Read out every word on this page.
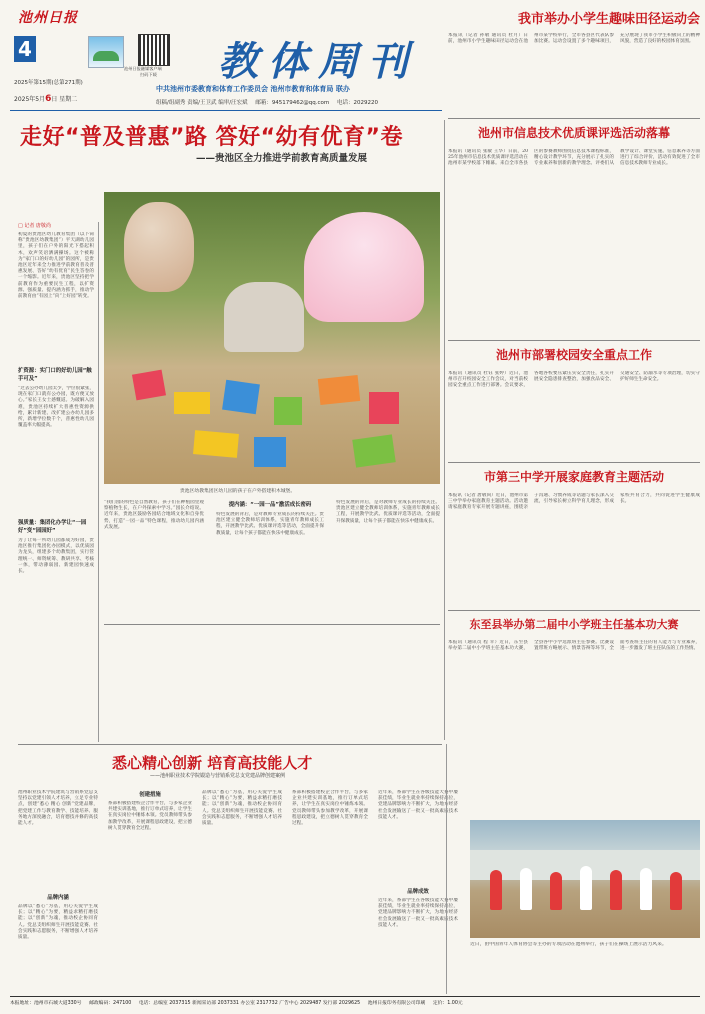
池州日报
4
池州日报融媒客户端
扫码下载 教体周刊
中共池州市委教育和体育工作委员会 池州市教育和体育局 联办
2025年第15期(总第271期)
2025年5月6日 星期二	组稿/组副秀 责编/王卫武 编审/汪宏斌 邮箱：945179462@qq.com 电话：2029220
我市举办小学生趣味田径运动会
本报讯（记者 孙敬 通讯员 杜月）日前，池州市小学生趣味田径运动会在池州市某学校举行，全市各县区代表队参加比赛。运动会设置了多个趣味项目，充分展现了我市小学生积极向上的精神风貌，营造了良好的校园体育氛围。
走好“普及普惠”路 答好“幼有优育”卷
——贵池区全力推进学前教育高质量发展
□ 记者 唐敬尚
初夏的贵池区幼儿教育集团（以下简称“贵池区幼教集团”）平天湖幼儿园里，孩子们在户外的阳光下搭起积木，欢声笑语洒满操场。这个被称为“家门口的好幼儿园”的园所，是贵池区近年来全力推进学前教育普及普惠发展、答好“幼有优育”民生答卷的一个缩影。近年来，贵池区坚持把学前教育作为重要民生工程，以扩资源、强质量、提内涵为抓手，推动学前教育由“有园上”向“上好园”转变。
扩资源：实门口的好幼儿园“触手可及”
“过去公办幼儿园太少，学位很紧张，现在家门口就有公办园，既方便又放心。”家长王女士感慨道。为破解入园难，贵池区持续扩大普惠性资源供给，累计新建、改扩建公办幼儿园多所，新增学位数千个，普惠性幼儿园覆盖率大幅提高。
强质量：集团化办学让“一园好”变“园园好”
为了让每一所幼儿园都成为好园，贵池区推行集团化办园模式，以优质园为龙头，组建多个幼教集团，实行管理统一、师资统筹、教研共享、考核一体，带动薄弱园、新建园快速成长。
贵池区幼教集团区幼儿园的孩子在户外搭建积木城堡。
“我们园的特色是自然教育，孩子们在种植园里观察植物生长，在户外探索中学习。”园长介绍说。近年来，贵池区鼓励各园结合地域文化和自身优势，打造“一园一品”特色课程，推动幼儿园内涵式发展。
提内涵：“一园一品”激活成长密码
特色发展的背后，是对教师专业成长的持续关注。贵池区建立健全教师培训体系，实施青年教师成长工程，开展教学比武、优质课评选等活动，全面提升保教质量，让每个孩子都能在快乐中健康成长。
特色发展的背后，是对教师专业成长的持续关注。贵池区建立健全教师培训体系，实施青年教师成长工程，开展教学比武、优质课评选等活动，全面提升保教质量，让每个孩子都能在快乐中健康成长。
池州市信息技术优质课评选活动落幕
本报讯（通讯员 张敏 王华）日前，2025年池州市信息技术优质课评选活动在池州市某学校落下帷幕。来自全市各县区的参赛教师围绕信息技术课程标准，精心设计教学环节，充分展示了扎实的专业素养和创新的教学理念。评委们从教学设计、课堂实施、信息素养等方面进行了综合评价，活动有效促进了全市信息技术教师专业成长。
池州市部署校园安全重点工作
本报讯（通讯员 杜钰 张婷）近日，池州市召开校园安全工作会议，对当前校园安全重点工作进行部署。会议要求，各地各校要压紧压实安全责任，扎实开展安全隐患排查整治，加强食品安全、交通安全、防溺水等专项治理，切实守护好师生生命安全。
市第三中学开展家庭教育主题活动
本报讯（记者 唐敬尚）近日，池州市第三中学举办家庭教育主题活动。活动邀请家庭教育专家开展专题讲座，围绕亲子沟通、习惯养成等话题与家长深入交流，引导家长树立科学育儿理念，形成家校共育合力，共同促进学生健康成长。
东至县举办第二届中小学班主任基本功大赛
本报讯（通讯员 程 苹）近日，东至县举办第二届中小学班主任基本功大赛，全县各中小学选派班主任参赛。比赛设置带班方略展示、情景答辩等环节，全面考查班主任的育人能力与专业素养，进一步激发了班主任队伍的工作热情。
近日，由中国青年人体育协会等主办的专项活动在池州举行，孩子们在操场上展示活力风采。
悉心精心创新 培育高技能人才
——池州职业技术学院锻造与营销系党总支党建品牌创建案例
池州职业技术学院建筑与营销系党总支坚持以党建引领人才培养，立足专业特点，创建“悉心 精心 创新”党建品牌，把党建工作与教育教学、技能培养、服务地方深度融合，培育德技并修的高技能人才。
品牌内涵
品牌以“悉心”为基，用心关爱学生成长；以“精心”为要，精益求精打磨技能；以“创新”为魂，推动校企协同育人。党总支组织师生开展技能竞赛、社会实践和志愿服务，不断增强人才培养质量。
创建措施
系部积极搭建校企合作平台，与多家企业共建实训基地，推行订单式培养，让学生在真实岗位中锤炼本领。党员教师带头参加教学改革，开展课程思政建设，把立德树人贯穿教育全过程。
品牌以“悉心”为基，用心关爱学生成长；以“精心”为要，精益求精打磨技能；以“创新”为魂，推动校企协同育人。党总支组织师生开展技能竞赛、社会实践和志愿服务，不断增强人才培养质量。
系部积极搭建校企合作平台，与多家企业共建实训基地，推行订单式培养，让学生在真实岗位中锤炼本领。党员教师带头参加教学改革，开展课程思政建设，把立德树人贯穿教育全过程。
近年来，系部学生在各级技能大赛中屡获佳绩，毕业生就业率持续保持高位，党建品牌影响力不断扩大，为地方经济社会发展输送了一批又一批高素质技术技能人才。
品牌成效
近年来，系部学生在各级技能大赛中屡获佳绩，毕业生就业率持续保持高位，党建品牌影响力不断扩大，为地方经济社会发展输送了一批又一批高素质技术技能人才。
本报地址：池州市石城大道330号 邮政编码：247100 电话：总编室 2037315 新闻采访部 2037331 办公室 2317732 广告中心 2029487 发行部 2029625 池州日报印务有限公司印刷 定价：1.00元
